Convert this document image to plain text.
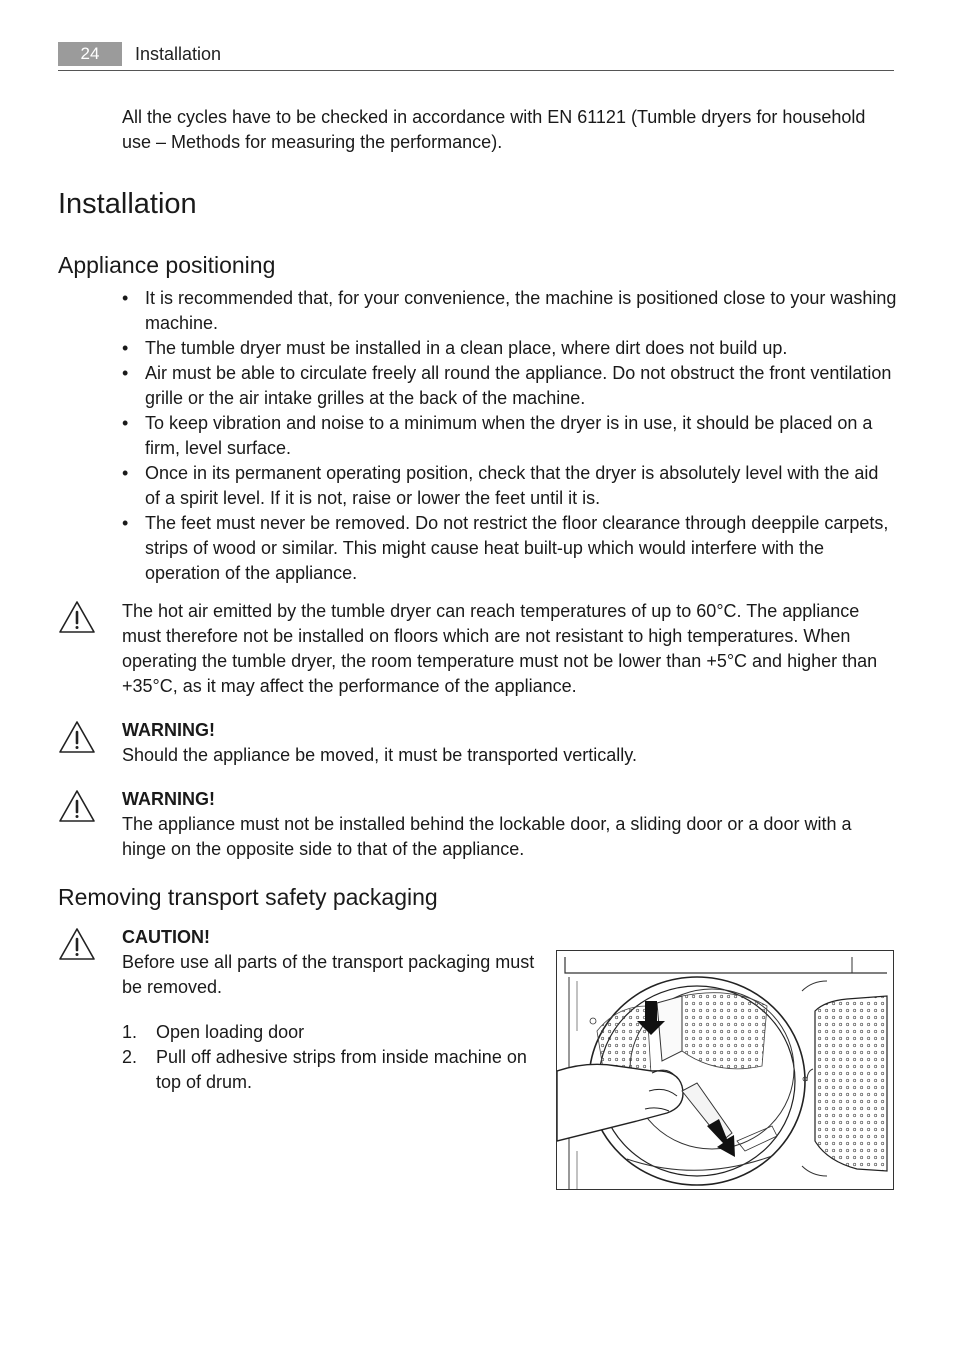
24	Installation

All the cycles have to be checked in accordance with EN 61121 (Tumble dryers for household use – Methods for measuring the performance).

Installation
Appliance positioning
• It is recommended that, for your convenience, the machine is positioned close to your washing machine.
• The tumble dryer must be installed in a clean place, where dirt does not build up.
• Air must be able to circulate freely all round the appliance. Do not obstruct the front ventilation grille or the air intake grilles at the back of the machine.
• To keep vibration and noise to a minimum when the dryer is in use, it should be placed on a firm, level surface.
• Once in its permanent operating position, check that the dryer is absolutely level with the aid of a spirit level. If it is not, raise or lower the feet until it is.
• The feet must never be removed. Do not restrict the floor clearance through deeppile carpets, strips of wood or similar. This might cause heat built-up which would interfere with the operation of the appliance.

The hot air emitted by the tumble dryer can reach temperatures of up to 60°C. The appliance must therefore not be installed on floors which are not resistant to high temperatures. When operating the tumble dryer, the room temperature must not be lower than +5°C and higher than +35°C, as it may affect the performance of the appliance.

WARNING!
Should the appliance be moved, it must be transported vertically.
WARNING!
The appliance must not be installed behind the lockable door, a sliding door or a door with a hinge on the opposite side to that of the appliance.
Removing transport safety packaging
CAUTION!
Before use all parts of the transport packaging must be removed.
1. Open loading door
2. Pull off adhesive strips from inside machine on top of drum.
